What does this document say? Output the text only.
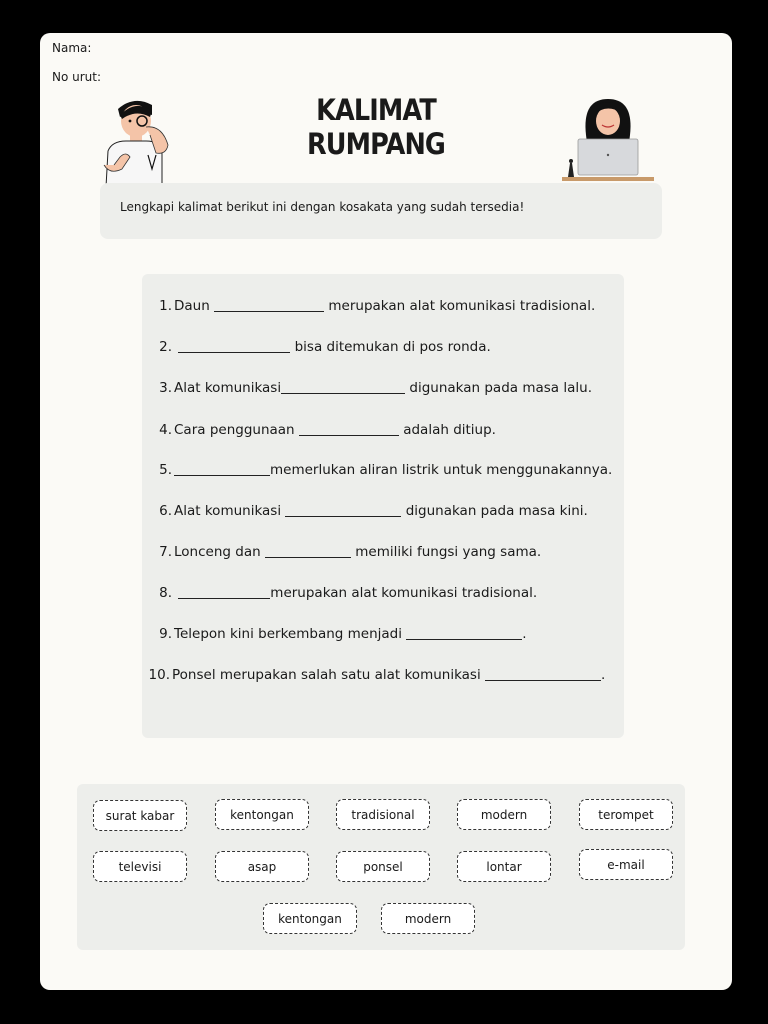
Nama:
No urut:
KALIMAT RUMPANG
Lengkapi kalimat berikut ini dengan kosakata yang sudah tersedia!
1. Daun	merupakan alat komunikasi tradisional.
2.	bisa ditemukan di pos ronda.
3. Alat komunikasi	digunakan pada masa lalu.
4. Cara penggunaan	adalah ditiup.
5.	memerlukan aliran listrik untuk menggunakannya.
6. Alat komunikasi	digunakan pada masa kini.
7. Lonceng dan	memiliki fungsi yang sama.
8.	merupakan alat komunikasi tradisional.
9. Telepon kini berkembang menjadi	.
10. Ponsel merupakan salah satu alat komunikasi	.
surat kabar	kentongan	tradisional	modern	terompet
televisi	asap	ponsel	lontar	e-mail
kentongan	modern
